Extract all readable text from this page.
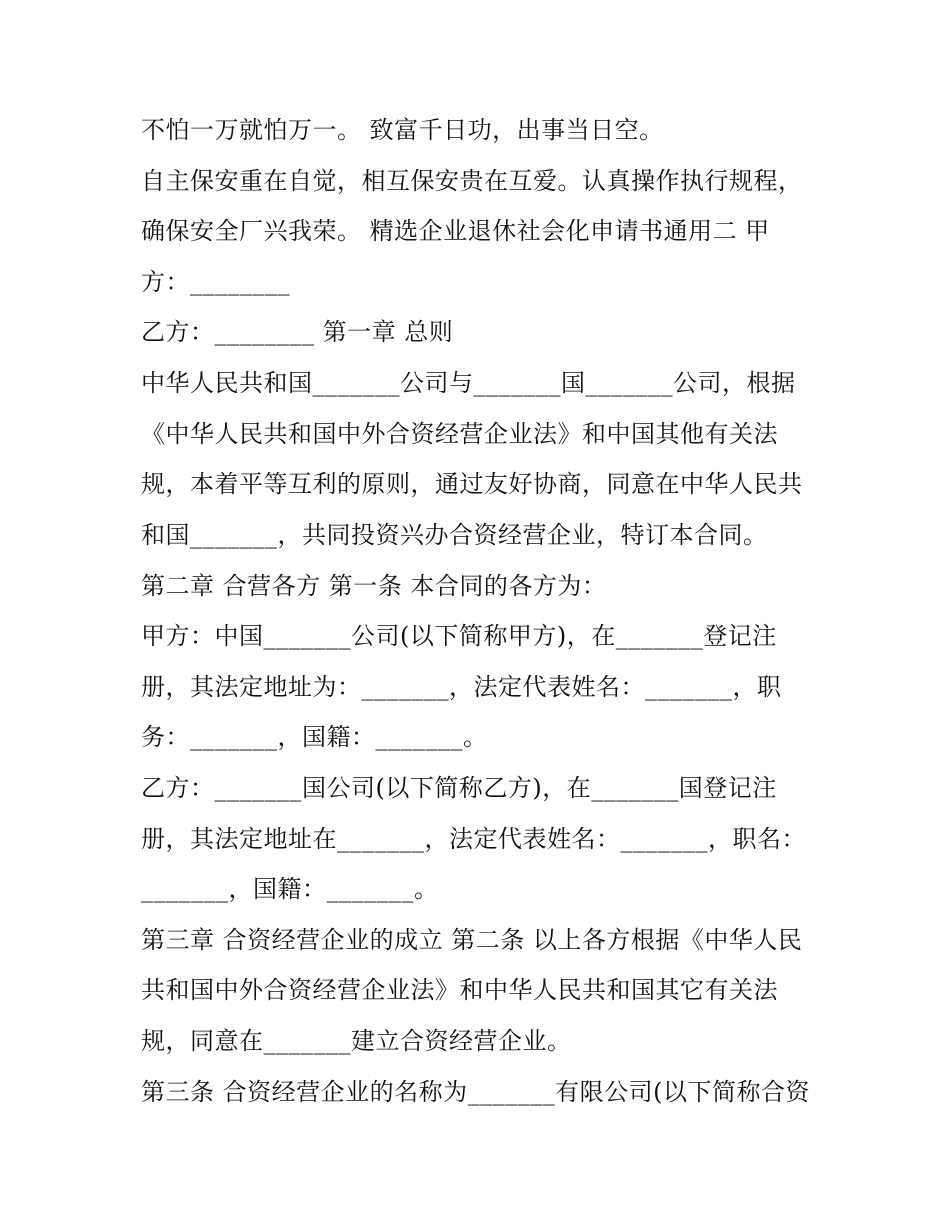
不怕一万就怕万一。 致富千日功，出事当日空。
自主保安重在自觉，相互保安贵在互爱。认真操作执行规程，
确保安全厂兴我荣。 精选企业退休社会化申请书通用二 甲
方：________
乙方：________ 第一章 总则
中华人民共和国_______公司与_______国_______公司，根据
《中华人民共和国中外合资经营企业法》和中国其他有关法
规，本着平等互利的原则，通过友好协商，同意在中华人民共
和国_______，共同投资兴办合资经营企业，特订本合同。
第二章 合营各方 第一条 本合同的各方为：
甲方：中国_______公司(以下简称甲方)，在_______登记注
册，其法定地址为：_______，法定代表姓名：_______，职
务：_______，国籍：_______。
乙方：_______国公司(以下简称乙方)，在_______国登记注
册，其法定地址在_______，法定代表姓名：_______，职名：
_______，国籍：_______。
第三章 合资经营企业的成立 第二条 以上各方根据《中华人民
共和国中外合资经营企业法》和中华人民共和国其它有关法
规，同意在_______建立合资经营企业。
第三条 合资经营企业的名称为_______有限公司(以下简称合资
